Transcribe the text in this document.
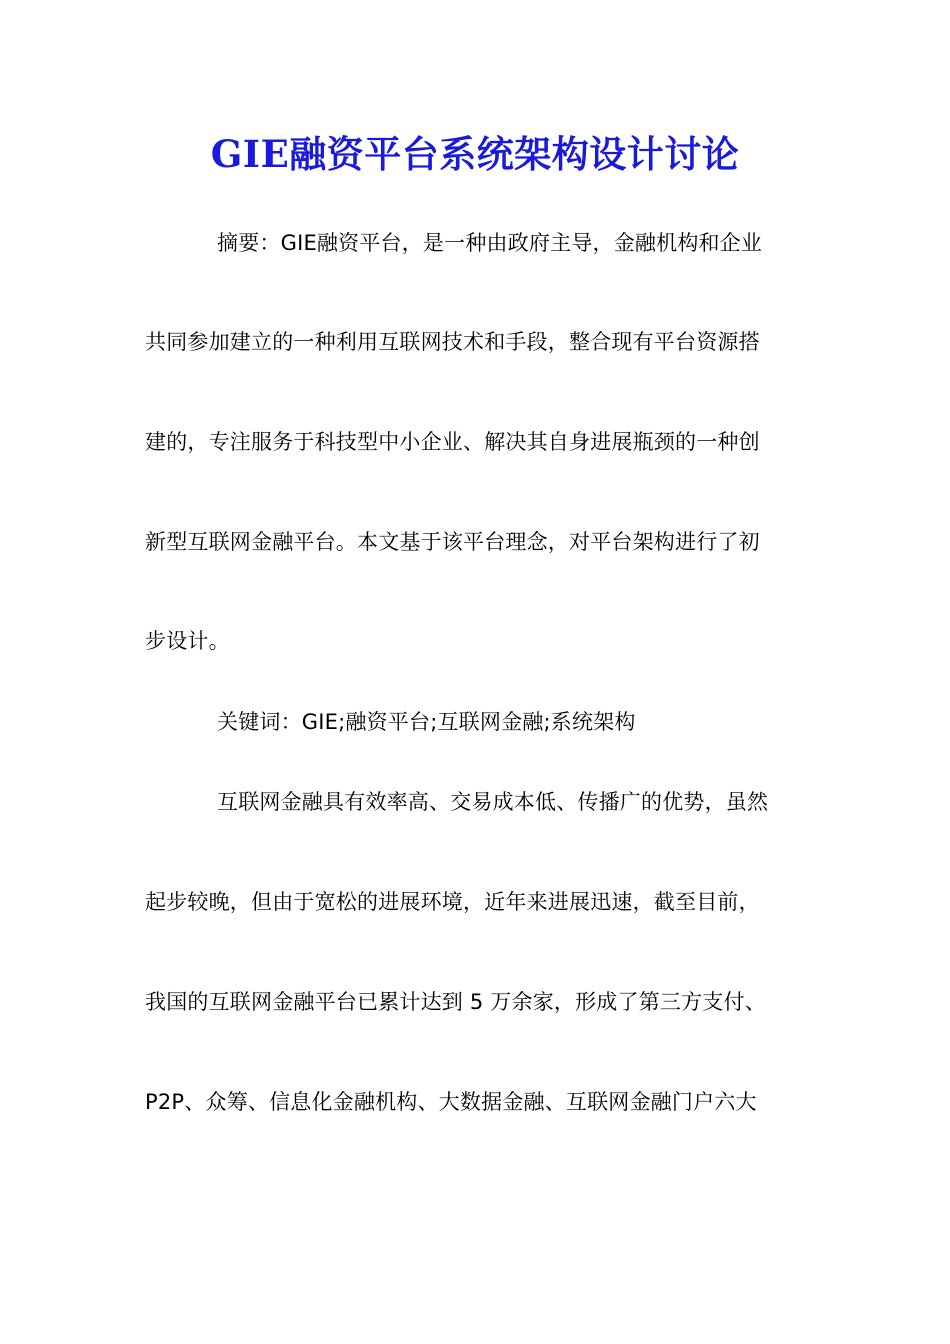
GIE融资平台系统架构设计讨论
摘要：GIE融资平台，是一种由政府主导，金融机构和企业
共同参加建立的一种利用互联网技术和手段，整合现有平台资源搭
建的，专注服务于科技型中小企业、解决其自身进展瓶颈的一种创
新型互联网金融平台。本文基于该平台理念，对平台架构进行了初
步设计。
关键词：GIE;融资平台;互联网金融;系统架构
互联网金融具有效率高、交易成本低、传播广的优势，虽然
起步较晚，但由于宽松的进展环境，近年来进展迅速，截至目前，
我国的互联网金融平台已累计达到 5 万余家，形成了第三方支付、
P2P、众筹、信息化金融机构、大数据金融、互联网金融门户六大
